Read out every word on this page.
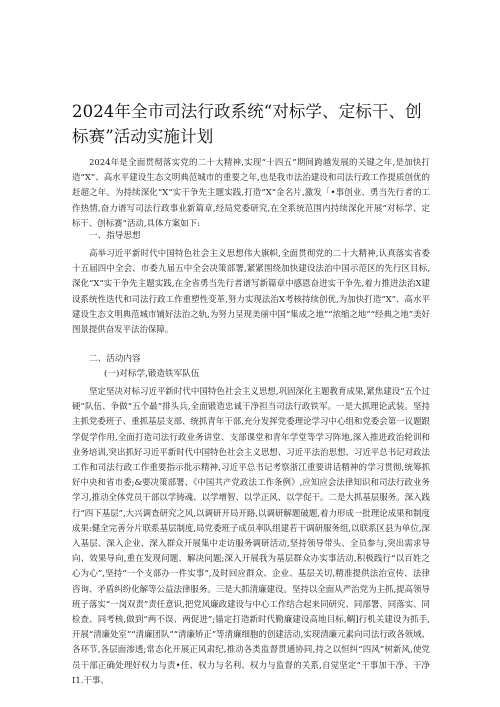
2024年全市司法行政系统“对标学、定标干、创标赛”活动实施计划

2024年是全面贯彻落实党的二十大精神,实现“十四五”期间跨越发展的关键之年,是加快打造“X”、高水平建设生态文明典范城市的重要之年,也是我市法治建设和司法行政工作提质创优的赶超之年。为持续深化“X”实干争先主题实践,打造“X”金名片,激发「•事创业、勇当先行者的工作热情,奋力谱写司法行政事业新篇章,经局党委研究,在全系统范围内持续深化开展“对标学、定标干、创标赛”活动,具体方案如下:

一、指导思想

高举习近平新时代中国特色社会主义思想伟大旗帜,全面贯彻党的二十大精神,认真落实省委十五届四中全会、市委九届五中全会决策部署,紧紧围绕加快建设法治中国示范区的先行区目标,深化“X”实干争先主题实践,在全省勇当先行者谱写新篇章中感恩奋进实干争先,着力推进法治X建设系统性迭代和司法行政工作重塑性变革,努力实现法治X考核持续创优,为加快打造“X”、高水平建设生态文明典范城市铺好法治之轨,为努力呈现美丽中国“集成之地”“浓缩之地”“经典之地”美好图景提供奋发平法治保障。

二、活动内容

(一)对标学,锻造铁军队伍

坚定坚决对标习近平新时代中国特色社会主义思想,巩固深化主题教育成果,紧焦建设“五个过硬”队伍、争做“五个最”排头兵,全面锻造忠诚干净担当司法行政铁军。一是大抓理论武装。坚持主抓党委班子、重抓基层支部、统抓青年干部,充分发挥党委理论学习中心组和党委会第一议题跟学促学作用,全面打造司法行政业务讲堂、支部课堂和青年学堂等学习阵地,深入推进政治轮训和业务培训,突出抓好习近平新时代中国特色社会主义思想、习近平法治思想、习近平总书记对政法工作和司法行政工作重要指示批示精神,习近平总书记考察浙江重要讲话精神的学习贯彻,统筹抓好中央和省市委;&要决策部署、《中国共产党政法工作条例》,应知应会法律知识和司法行政业务学习,推动全体党员干部以学铸魂、以学增智、以学正风、以学促干。二是大抓基层服务。深入践行“四下基层”,大兴调查研究之风,以调研开局开路,以调研解题破题,着力形成一批理论成果和制度成果:健全完善分片联系基层制度,局党委班子成员率队组建若干调研服务组,以联系区县为单位,深入基层、深入企业、深入群众开展集中走访服务调研活动,坚持领导带头、全员参与,突出需求导向、效果导向,重在发现问题、解决问题;深入开展我为基层群众办实事活动,积极践行“以百姓之心为心”,坚持“一个支部办一件实事”,及时回应群众、企业、基层关切,精准提供法治宣传、法律咨询、矛盾纠纷化解等公益法律服务。三是大抓清廉建设。坚持以全面从严治党为主抓,提高领导班子落实“一岗双责”责任意识,把党风廉政建设与中心工作结合起来同研究、同部署、同落实、同检查、同考核,做到“两不误、两促进”;锚定打造新时代勤廉建设高地目标,鲷]行机关建设为抓手,开展“清廉处室”“清廉团队”“清廉矫正”等清廉细胞的创建活动,实现清廉元素向司法行政各领域、各环节,各层面渗透;常态化开展正风肃纪,推动各类监督贯通协同,持之以恒纠“四风”树新风,使党员干部正确处理好权力与责•任、权力与名利、权力与监督的关系,自觉坚定“干事加干净、干净I1.干事、
